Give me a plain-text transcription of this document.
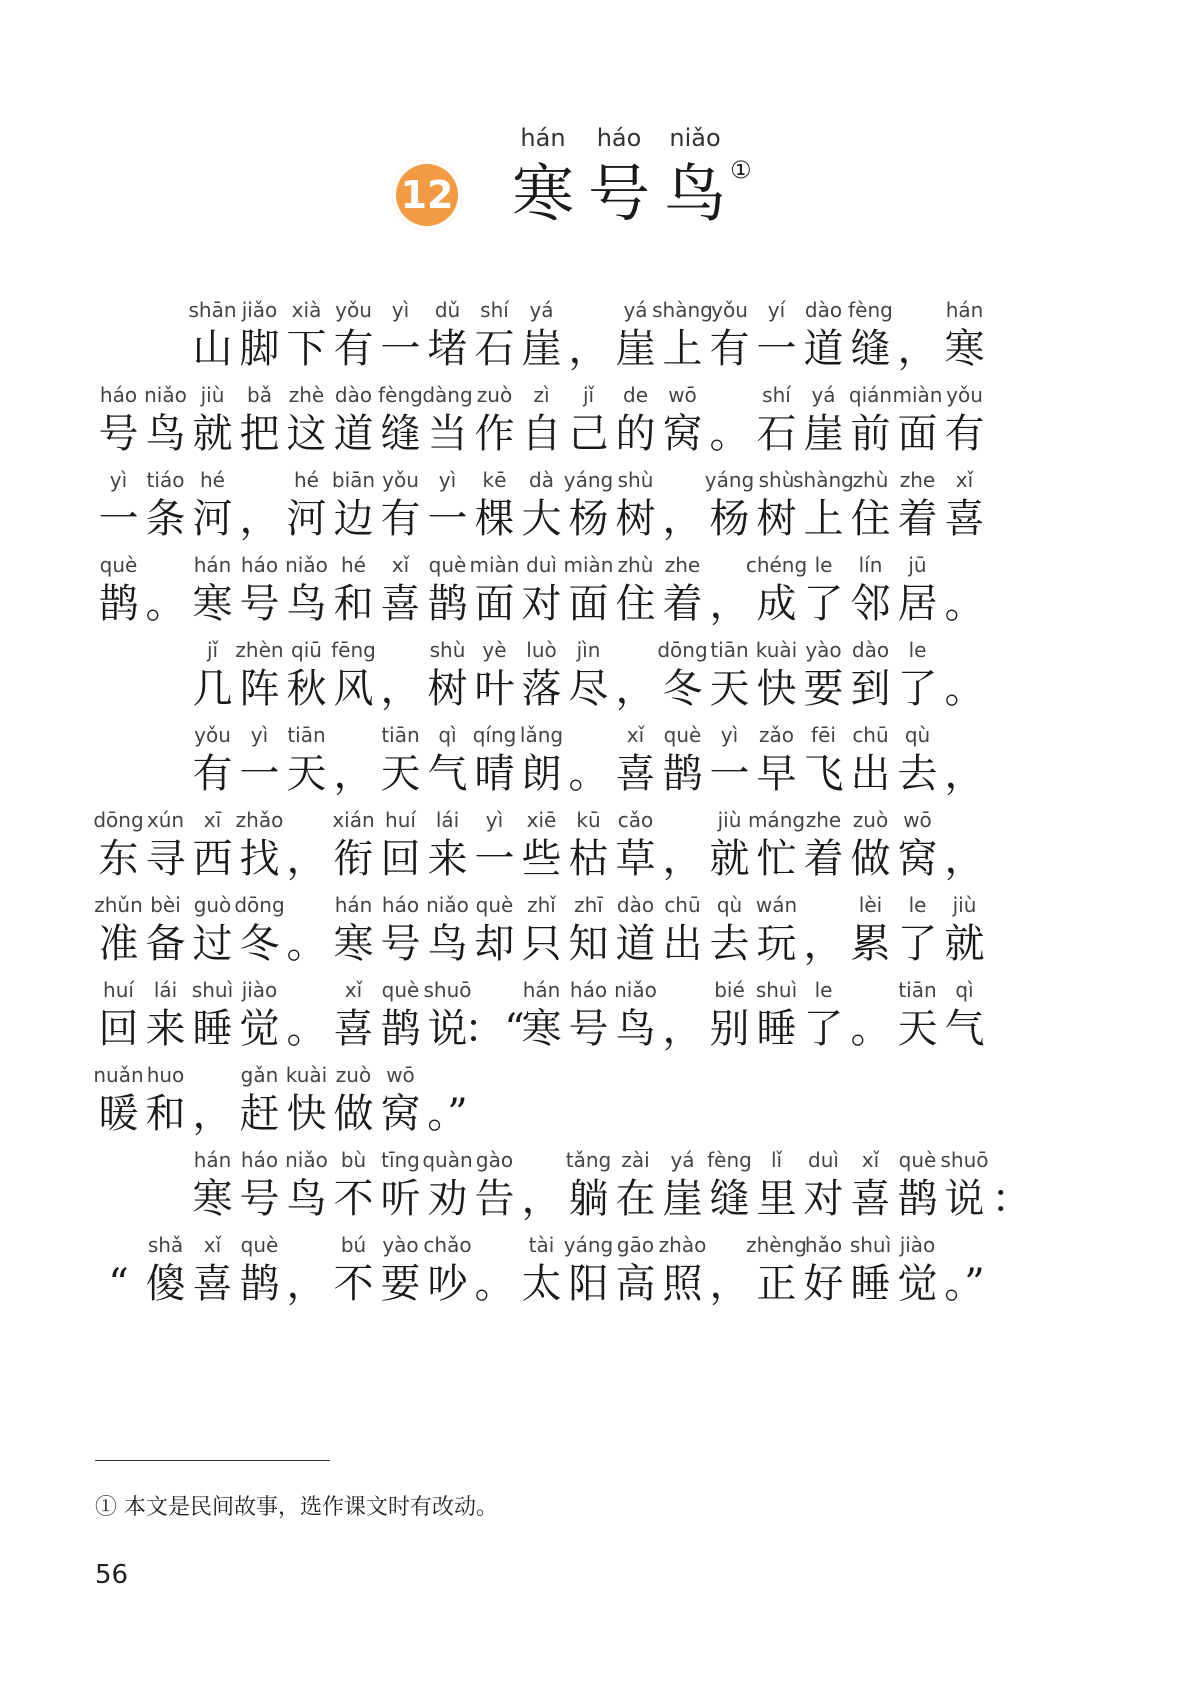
12
hán
寒
háo
号
niǎo
鸟 ①
shān
山
jiǎo
脚
xià
下
yǒu
有
yì
一
dǔ
堵
shí
石
yá
崖 ，
yá
崖
shàng
上
yǒu
有
yí
一
dào
道
fèng
缝 ，
hán
寒
háo
号
niǎo
鸟
jiù
就
bǎ
把
zhè
这
dào
道
fèng
缝
dàng
当
zuò
作
zì
自
jǐ
己
de
的
wō
窝 。
shí
石
yá
崖
qián
前
miàn
面
yǒu
有
yì
一
tiáo
条
hé
河 ，
hé
河
biān
边
yǒu
有
yì
一
kē
棵
dà
大
yáng
杨
shù
树 ，
yáng
杨
shù
树
shàng
上
zhù
住
zhe
着
xǐ
喜
què
鹊 。
hán
寒
háo
号
niǎo
鸟
hé
和
xǐ
喜
què
鹊
miàn
面
duì
对
miàn
面
zhù
住
zhe
着 ，
chéng
成
le
了
lín
邻
jū
居 。
jǐ
几
zhèn
阵
qiū
秋
fēng
风 ，
shù
树
yè
叶
luò
落
jìn
尽 ，
dōng
冬
tiān
天
kuài
快
yào
要
dào
到
le
了 。
yǒu
有
yì
一
tiān
天 ，
tiān
天
qì
气
qíng
晴
lǎng
朗 。
xǐ
喜
què
鹊
yì
一
zǎo
早
fēi
飞
chū
出
qù
去 ，
dōng
东
xún
寻
xī
西
zhǎo
找 ，
xián
衔
huí
回
lái
来
yì
一
xiē
些
kū
枯
cǎo
草 ，
jiù
就
máng
忙
zhe
着
zuò
做
wō
窝 ，
zhǔn
准
bèi
备
guò
过
dōng
冬 。
hán
寒
háo
号
niǎo
鸟
què
却
zhǐ
只
zhī
知
dào
道
chū
出
qù
去
wán
玩 ，
lèi
累
le
了
jiù
就
huí
回
lái
来
shuì
睡
jiào
觉 。
xǐ
喜
què
鹊
shuō
说
：“
hán
寒
háo
号
niǎo
鸟 ，
bié
别
shuì
睡
le
了 。
tiān
天
qì
气
nuǎn
暖
huo
和 ，
gǎn
赶
kuài
快
zuò
做
wō
窝 。”
hán
寒
háo
号
niǎo
鸟
bù
不
tīng
听
quàn
劝
gào
告 ，
tǎng
躺
zài
在
yá
崖
fèng
缝
lǐ
里
duì
对
xǐ
喜
què
鹊
shuō
说 ：
“
shǎ
傻
xǐ
喜
què
鹊 ，
bú
不
yào
要
chǎo
吵 。
tài
太
yáng
阳
gāo
高
zhào
照 ，
zhèng
正
hǎo
好
shuì
睡
jiào
觉 。”
① 本文是民间故事，选作课文时有改动。
56
